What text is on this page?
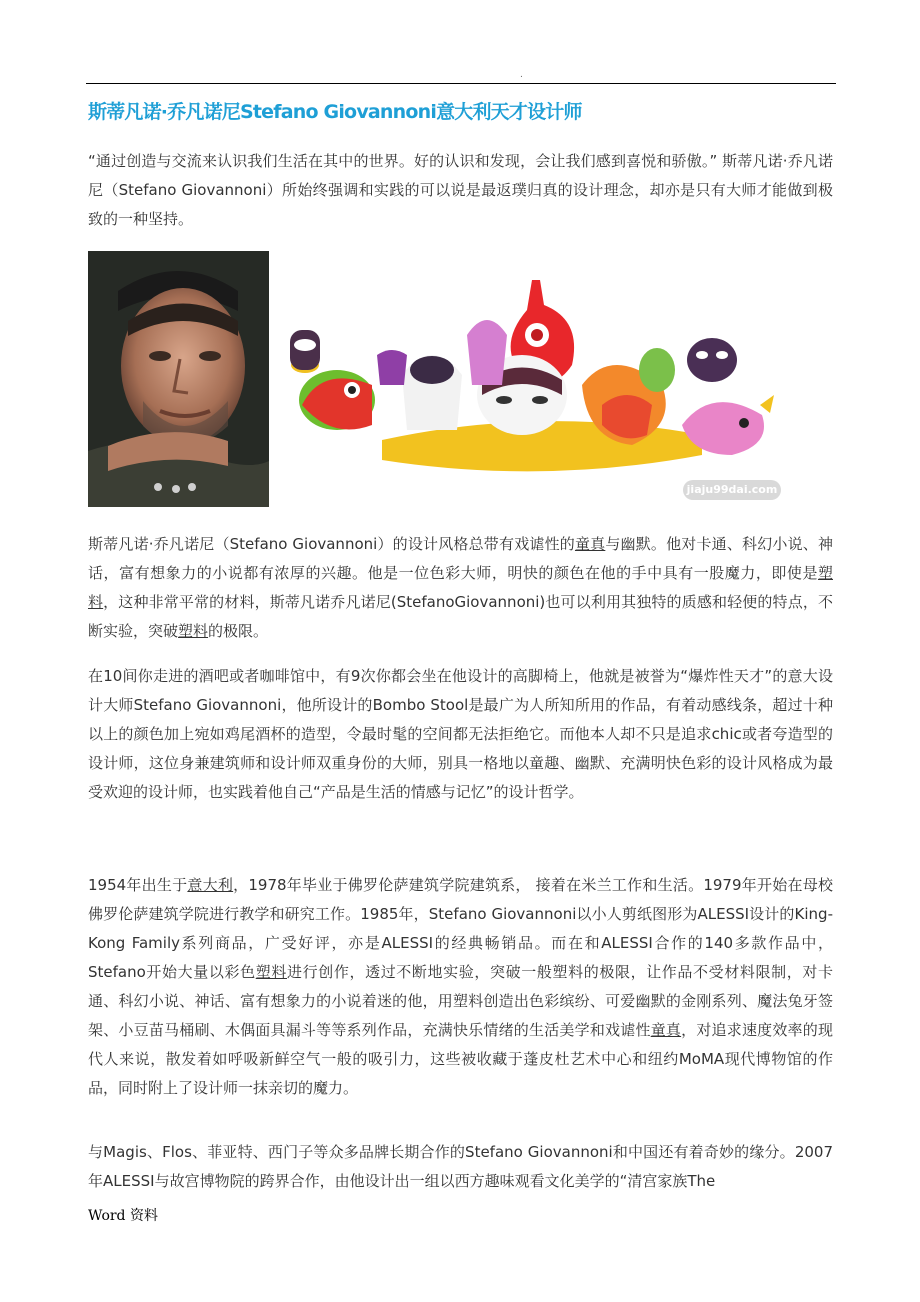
.
斯蒂凡诺·乔凡诺尼Stefano Giovannoni意大利天才设计师

“通过创造与交流来认识我们生活在其中的世界。好的认识和发现，会让我们感到喜悦和骄傲。” 斯蒂凡诺·乔凡诺尼（Stefano Giovannoni）所始终强调和实践的可以说是最返璞归真的设计理念，却亦是只有大师才能做到极致的一种坚持。

jiaju99dai.com

斯蒂凡诺·乔凡诺尼（Stefano Giovannoni）的设计风格总带有戏谑性的童真与幽默。他对卡通、科幻小说、神话，富有想象力的小说都有浓厚的兴趣。他是一位色彩大师，明快的颜色在他的手中具有一股魔力，即使是塑料，这种非常平常的材料，斯蒂凡诺乔凡诺尼(StefanoGiovannoni)也可以利用其独特的质感和轻便的特点，不断实验，突破塑料的极限。

在10间你走进的酒吧或者咖啡馆中，有9次你都会坐在他设计的高脚椅上，他就是被誉为“爆炸性天才”的意大设计大师Stefano Giovannoni，他所设计的Bombo Stool是最广为人所知所用的作品，有着动感线条，超过十种以上的颜色加上宛如鸡尾酒杯的造型，令最时髦的空间都无法拒绝它。而他本人却不只是追求chic或者夸造型的设计师，这位身兼建筑师和设计师双重身份的大师，别具一格地以童趣、幽默、充满明快色彩的设计风格成为最受欢迎的设计师，也实践着他自己“产品是生活的情感与记忆”的设计哲学。

1954年出生于意大利，1978年毕业于佛罗伦萨建筑学院建筑系， 接着在米兰工作和生活。1979年开始在母校佛罗伦萨建筑学院进行教学和研究工作。1985年，Stefano Giovannoni以小人剪纸图形为ALESSI设计的King-Kong Family系列商品，广受好评，亦是ALESSI的经典畅销品。而在和ALESSI合作的140多款作品中， Stefano开始大量以彩色塑料进行创作，透过不断地实验，突破一般塑料的极限，让作品不受材料限制，对卡通、科幻小说、神话、富有想象力的小说着迷的他，用塑料创造出色彩缤纷、可爱幽默的金刚系列、魔法兔牙签架、小豆苗马桶刷、木偶面具漏斗等等系列作品，充满快乐情绪的生活美学和戏谑性童真，对追求速度效率的现代人来说，散发着如呼吸新鲜空气一般的吸引力，这些被收藏于蓬皮杜艺术中心和纽约MoMA现代博物馆的作品，同时附上了设计师一抹亲切的魔力。

与Magis、Flos、菲亚特、西门子等众多品牌长期合作的Stefano Giovannoni和中国还有着奇妙的缘分。2007年ALESSI与故宫博物院的跨界合作，由他设计出一组以西方趣味观看文化美学的“清宫家族The

Word 资料
